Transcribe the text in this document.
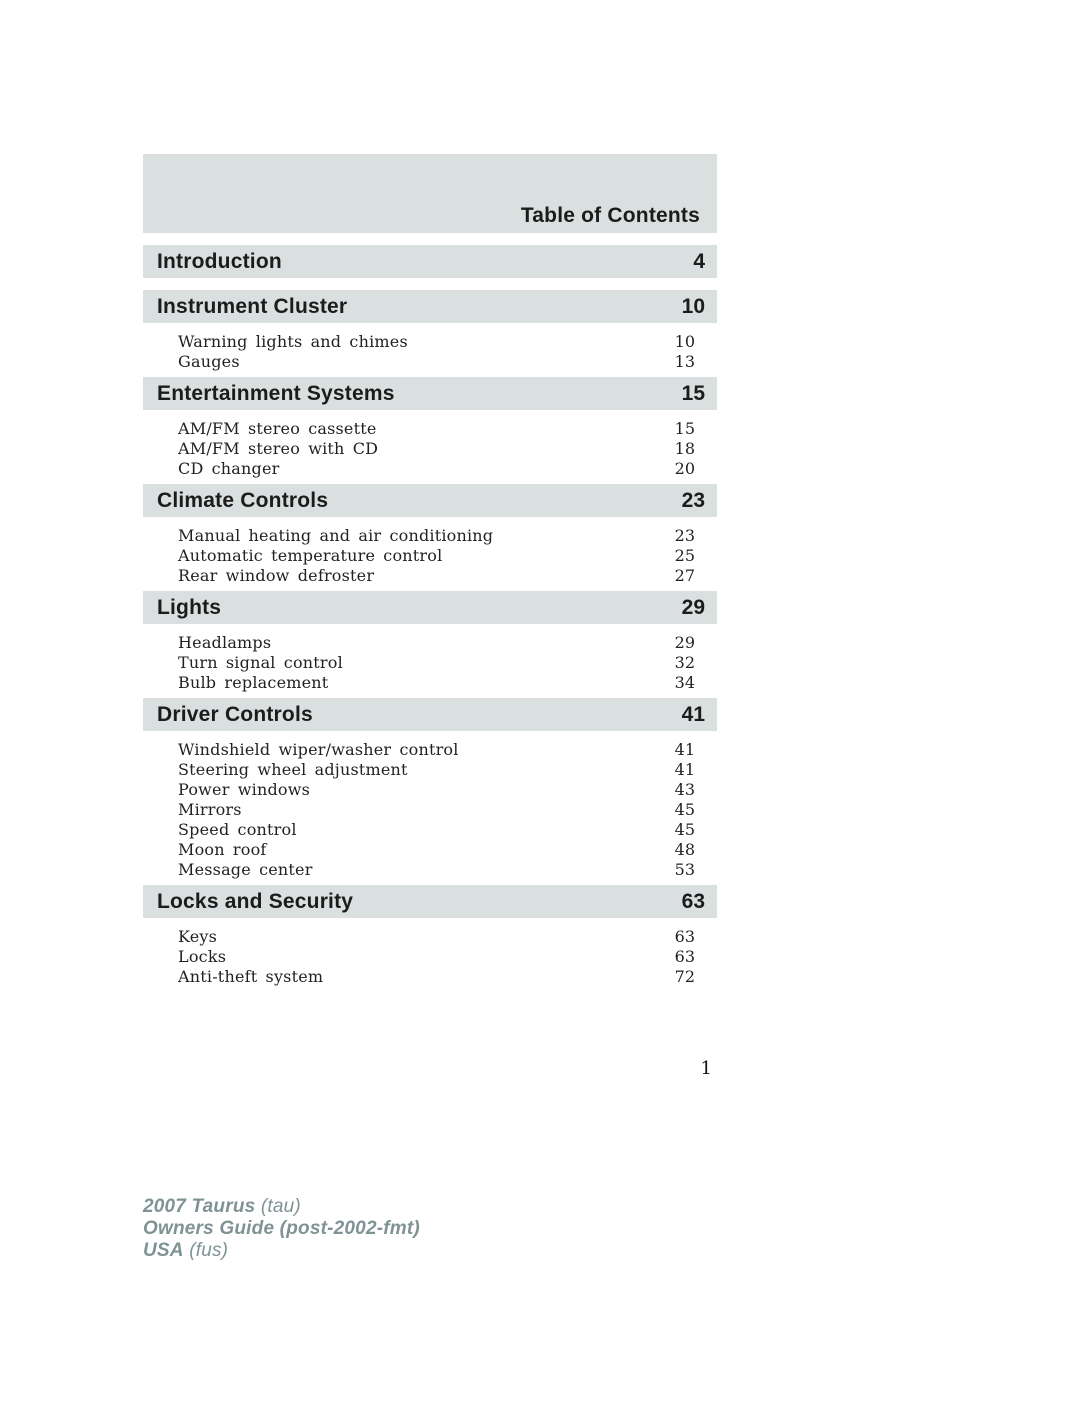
Table of Contents
Introduction	4
Instrument Cluster	10
Warning lights and chimes	10
Gauges	13
Entertainment Systems	15
AM/FM stereo cassette	15
AM/FM stereo with CD	18
CD changer	20
Climate Controls	23
Manual heating and air conditioning	23
Automatic temperature control	25
Rear window defroster	27
Lights	29
Headlamps	29
Turn signal control	32
Bulb replacement	34
Driver Controls	41
Windshield wiper/washer control	41
Steering wheel adjustment	41
Power windows	43
Mirrors	45
Speed control	45
Moon roof	48
Message center	53
Locks and Security	63
Keys	63
Locks	63
Anti-theft system	72
1
2007 Taurus (tau)
Owners Guide (post-2002-fmt)
USA (fus)
